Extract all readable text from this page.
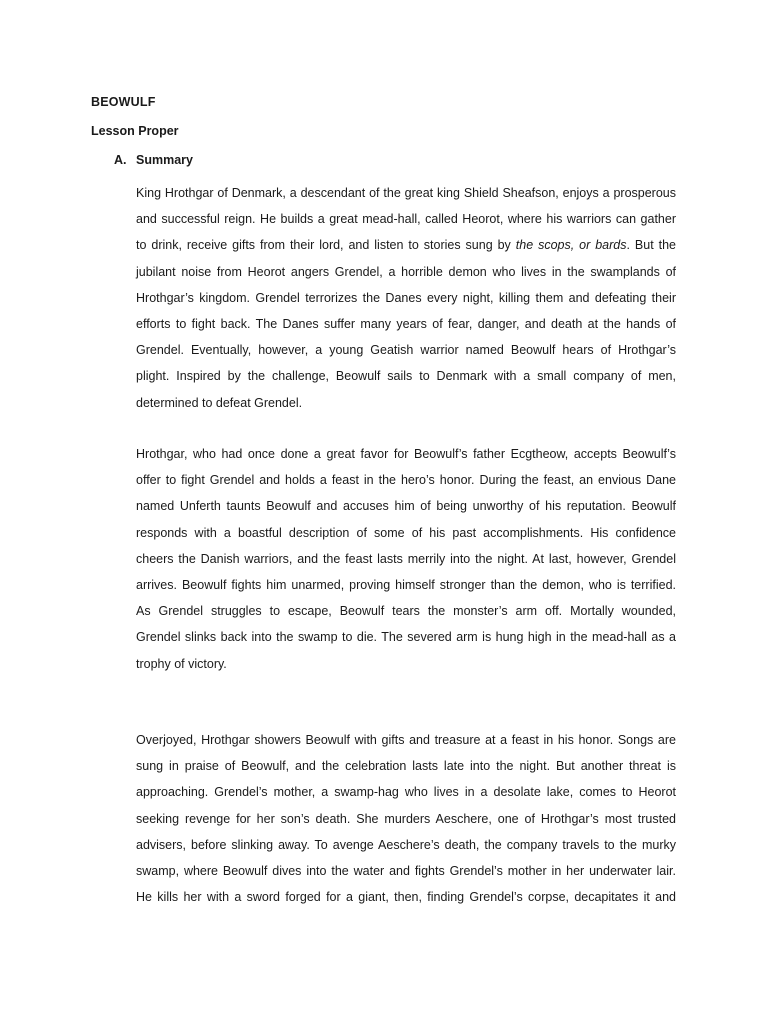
BEOWULF
Lesson Proper
A. Summary
King Hrothgar of Denmark, a descendant of the great king Shield Sheafson, enjoys a prosperous
and successful reign. He builds a great mead-hall, called Heorot, where his warriors can gather
to drink, receive gifts from their lord, and listen to stories sung by the scops, or bards. But the
jubilant noise from Heorot angers Grendel, a horrible demon who lives in the swamplands of
Hrothgar’s kingdom. Grendel terrorizes the Danes every night, killing them and defeating their
efforts to fight back. The Danes suffer many years of fear, danger, and death at the hands of
Grendel. Eventually, however, a young Geatish warrior named Beowulf hears of Hrothgar’s
plight. Inspired by the challenge, Beowulf sails to Denmark with a small company of men,
determined to defeat Grendel.
Hrothgar, who had once done a great favor for Beowulf’s father Ecgtheow, accepts Beowulf’s
offer to fight Grendel and holds a feast in the hero’s honor. During the feast, an envious Dane
named Unferth taunts Beowulf and accuses him of being unworthy of his reputation. Beowulf
responds with a boastful description of some of his past accomplishments. His confidence
cheers the Danish warriors, and the feast lasts merrily into the night. At last, however, Grendel
arrives. Beowulf fights him unarmed, proving himself stronger than the demon, who is terrified.
As Grendel struggles to escape, Beowulf tears the monster’s arm off. Mortally wounded,
Grendel slinks back into the swamp to die. The severed arm is hung high in the mead-hall as a
trophy of victory.
Overjoyed, Hrothgar showers Beowulf with gifts and treasure at a feast in his honor. Songs are
sung in praise of Beowulf, and the celebration lasts late into the night. But another threat is
approaching. Grendel’s mother, a swamp-hag who lives in a desolate lake, comes to Heorot
seeking revenge for her son’s death. She murders Aeschere, one of Hrothgar’s most trusted
advisers, before slinking away. To avenge Aeschere’s death, the company travels to the murky
swamp, where Beowulf dives into the water and fights Grendel’s mother in her underwater lair.
He kills her with a sword forged for a giant, then, finding Grendel’s corpse, decapitates it and
